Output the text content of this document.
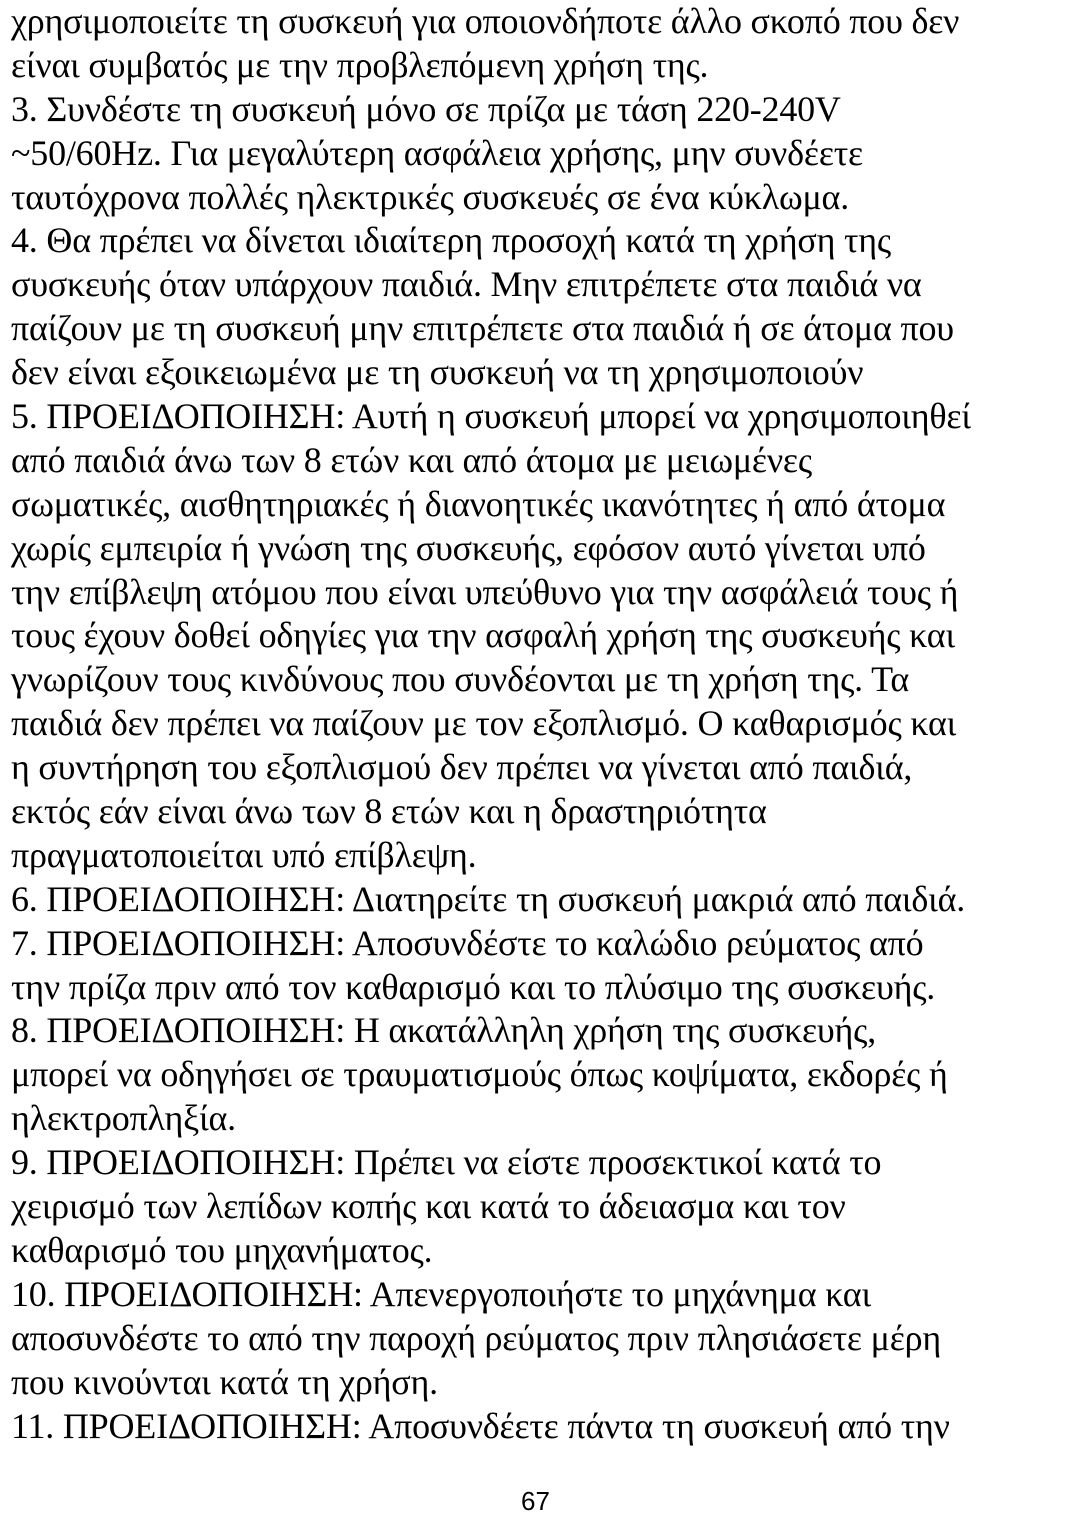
χρησιμοποιείτε τη συσκευή για οποιονδήποτε άλλο σκοπό που δεν
είναι συμβατός με την προβλεπόμενη χρήση της.
3. Συνδέστε τη συσκευή μόνο σε πρίζα με τάση 220-240V
~50/60Hz. Για μεγαλύτερη ασφάλεια χρήσης, μην συνδέετε
ταυτόχρονα πολλές ηλεκτρικές συσκευές σε ένα κύκλωμα.
4. Θα πρέπει να δίνεται ιδιαίτερη προσοχή κατά τη χρήση της
συσκευής όταν υπάρχουν παιδιά. Μην επιτρέπετε στα παιδιά να
παίζουν με τη συσκευή μην επιτρέπετε στα παιδιά ή σε άτομα που
δεν είναι εξοικειωμένα με τη συσκευή να τη χρησιμοποιούν
5. ΠΡΟΕΙΔΟΠΟΙΗΣΗ: Αυτή η συσκευή μπορεί να χρησιμοποιηθεί
από παιδιά άνω των 8 ετών και από άτομα με μειωμένες
σωματικές, αισθητηριακές ή διανοητικές ικανότητες ή από άτομα
χωρίς εμπειρία ή γνώση της συσκευής, εφόσον αυτό γίνεται υπό
την επίβλεψη ατόμου που είναι υπεύθυνο για την ασφάλειά τους ή
τους έχουν δοθεί οδηγίες για την ασφαλή χρήση της συσκευής και
γνωρίζουν τους κινδύνους που συνδέονται με τη χρήση της. Τα
παιδιά δεν πρέπει να παίζουν με τον εξοπλισμό. Ο καθαρισμός και
η συντήρηση του εξοπλισμού δεν πρέπει να γίνεται από παιδιά,
εκτός εάν είναι άνω των 8 ετών και η δραστηριότητα
πραγματοποιείται υπό επίβλεψη.
6. ΠΡΟΕΙΔΟΠΟΙΗΣΗ: Διατηρείτε τη συσκευή μακριά από παιδιά.
7. ΠΡΟΕΙΔΟΠΟΙΗΣΗ: Αποσυνδέστε το καλώδιο ρεύματος από
την πρίζα πριν από τον καθαρισμό και το πλύσιμο της συσκευής.
8. ΠΡΟΕΙΔΟΠΟΙΗΣΗ: Η ακατάλληλη χρήση της συσκευής,
μπορεί να οδηγήσει σε τραυματισμούς όπως κοψίματα, εκδορές ή
ηλεκτροπληξία.
9. ΠΡΟΕΙΔΟΠΟΙΗΣΗ: Πρέπει να είστε προσεκτικοί κατά το
χειρισμό των λεπίδων κοπής και κατά το άδειασμα και τον
καθαρισμό του μηχανήματος.
10. ΠΡΟΕΙΔΟΠΟΙΗΣΗ: Απενεργοποιήστε το μηχάνημα και
αποσυνδέστε το από την παροχή ρεύματος πριν πλησιάσετε μέρη
που κινούνται κατά τη χρήση.
11. ΠΡΟΕΙΔΟΠΟΙΗΣΗ: Αποσυνδέετε πάντα τη συσκευή από την
67
